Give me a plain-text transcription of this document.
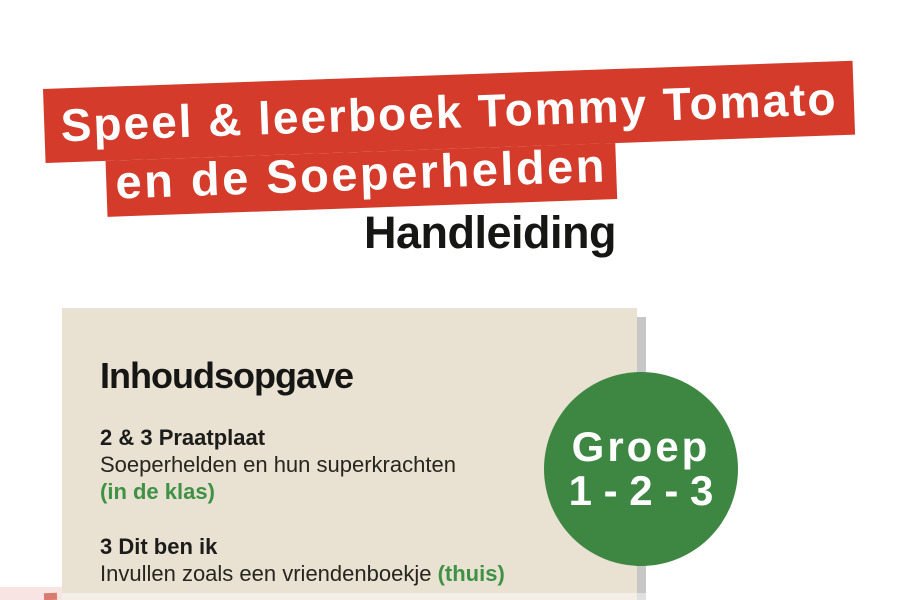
Speel & leerboek Tommy Tomato
en de Soeperhelden
Handleiding
Inhoudsopgave
2 & 3 Praatplaat
Soeperhelden en hun superkrachten
(in de klas)
3 Dit ben ik
Invullen zoals een vriendenboekje (thuis)
Groep
1 - 2 - 3
